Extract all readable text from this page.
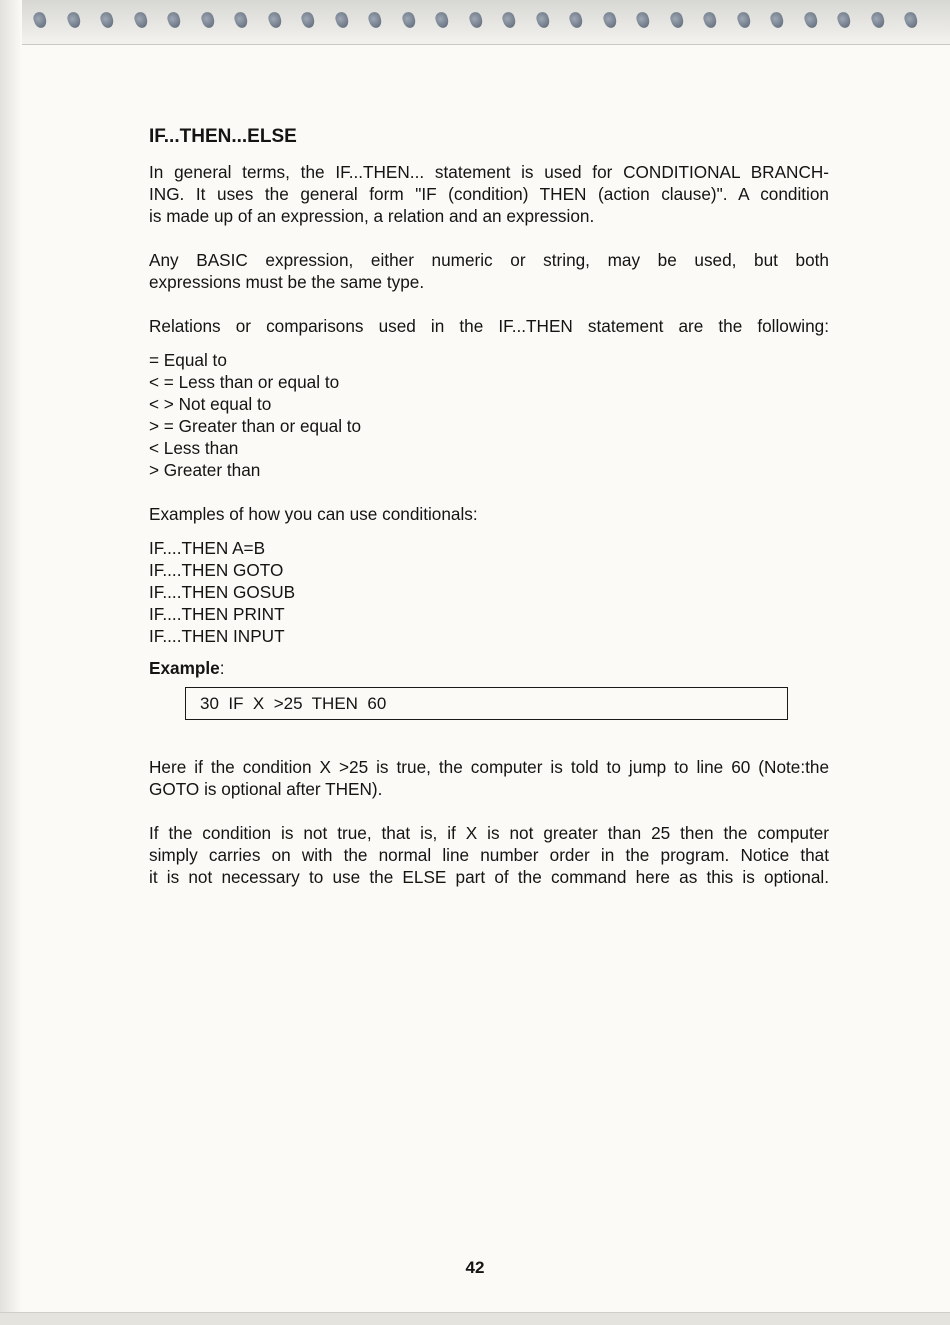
IF...THEN...ELSE
In general terms, the IF...THEN... statement is used for CONDITIONAL BRANCH-
ING. It uses the general form "IF (condition) THEN (action clause)". A condition
is made up of an expression, a relation and an expression.
Any BASIC expression, either numeric or string, may be used, but both
expressions must be the same type.
Relations or comparisons used in the IF...THEN statement are the following:
= Equal to
< = Less than or equal to
< > Not equal to
> = Greater than or equal to
< Less than
> Greater than
Examples of how you can use conditionals:
IF....THEN A=B
IF....THEN GOTO
IF....THEN GOSUB
IF....THEN PRINT
IF....THEN INPUT
Example:
30  IF  X  >25  THEN  60
Here if the condition X >25 is true, the computer is told to jump to line 60 (Note:the
GOTO is optional after THEN).
If the condition is not true, that is, if X is not greater than 25 then the computer
simply carries on with the normal line number order in the program. Notice that
it is not necessary to use the ELSE part of the command here as this is optional.
42
